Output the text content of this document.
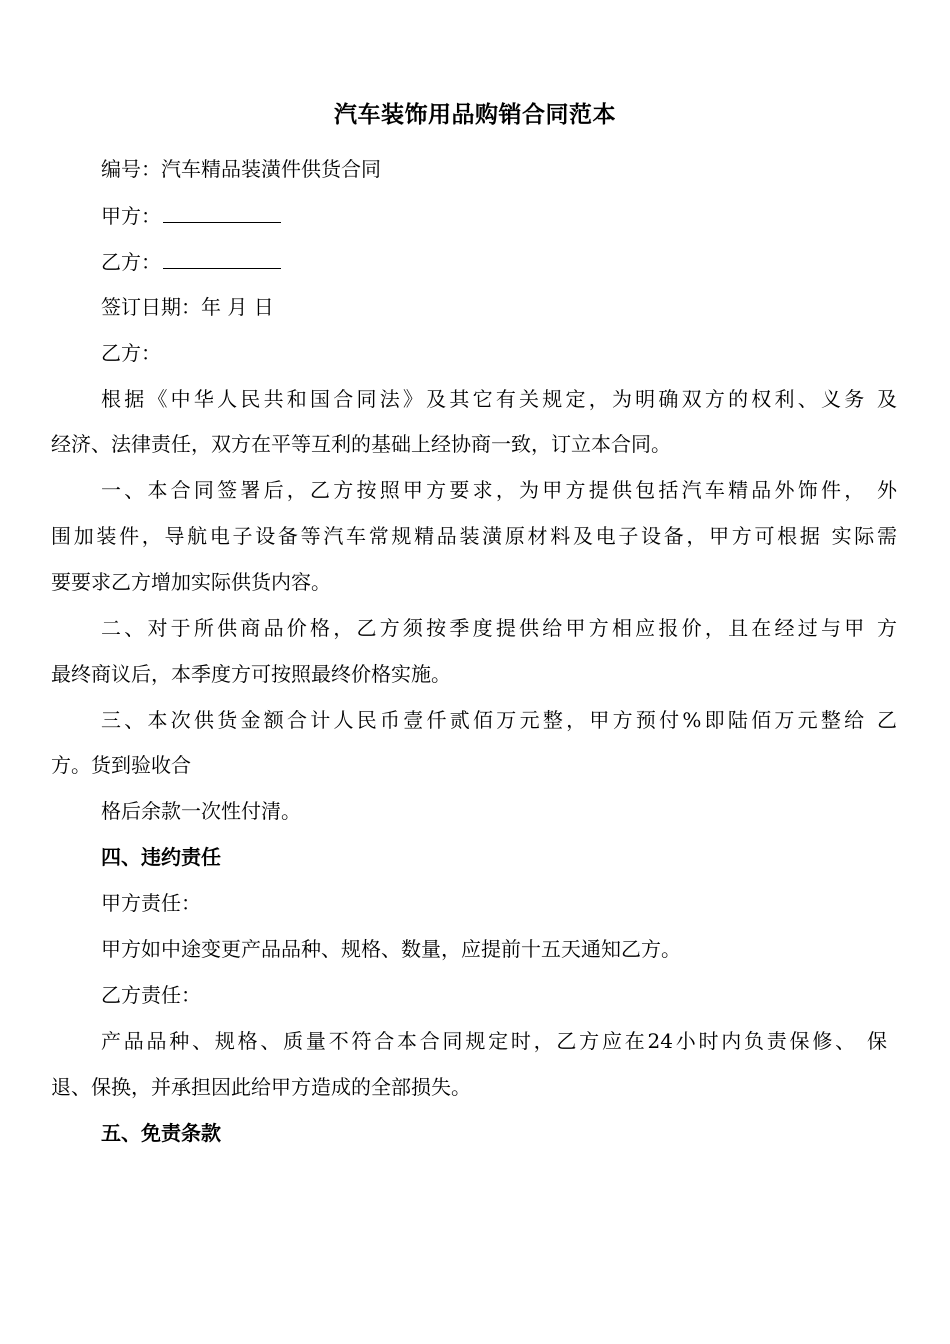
汽车装饰用品购销合同范本
编号：汽车精品装潢件供货合同
甲方：
乙方：
签订日期：年 月 日
乙方：
根据《中华人民共和国合同法》及其它有关规定，为明确双方的权利、义务 及
经济、法律责任，双方在平等互利的基础上经协商一致，订立本合同。
一、本合同签署后，乙方按照甲方要求，为甲方提供包括汽车精品外饰件， 外
围加装件，导航电子设备等汽车常规精品装潢原材料及电子设备，甲方可根据 实际需
要要求乙方增加实际供货内容。
二、对于所供商品价格，乙方须按季度提供给甲方相应报价，且在经过与甲 方
最终商议后，本季度方可按照最终价格实施。
三、本次供货金额合计人民币壹仟贰佰万元整，甲方预付%即陆佰万元整给 乙
方。货到验收合
格后余款一次性付清。
四、违约责任
甲方责任：
甲方如中途变更产品品种、规格、数量，应提前十五天通知乙方。
乙方责任：
产品品种、规格、质量不符合本合同规定时，乙方应在24小时内负责保修、 保
退、保换，并承担因此给甲方造成的全部损失。
五、免责条款
